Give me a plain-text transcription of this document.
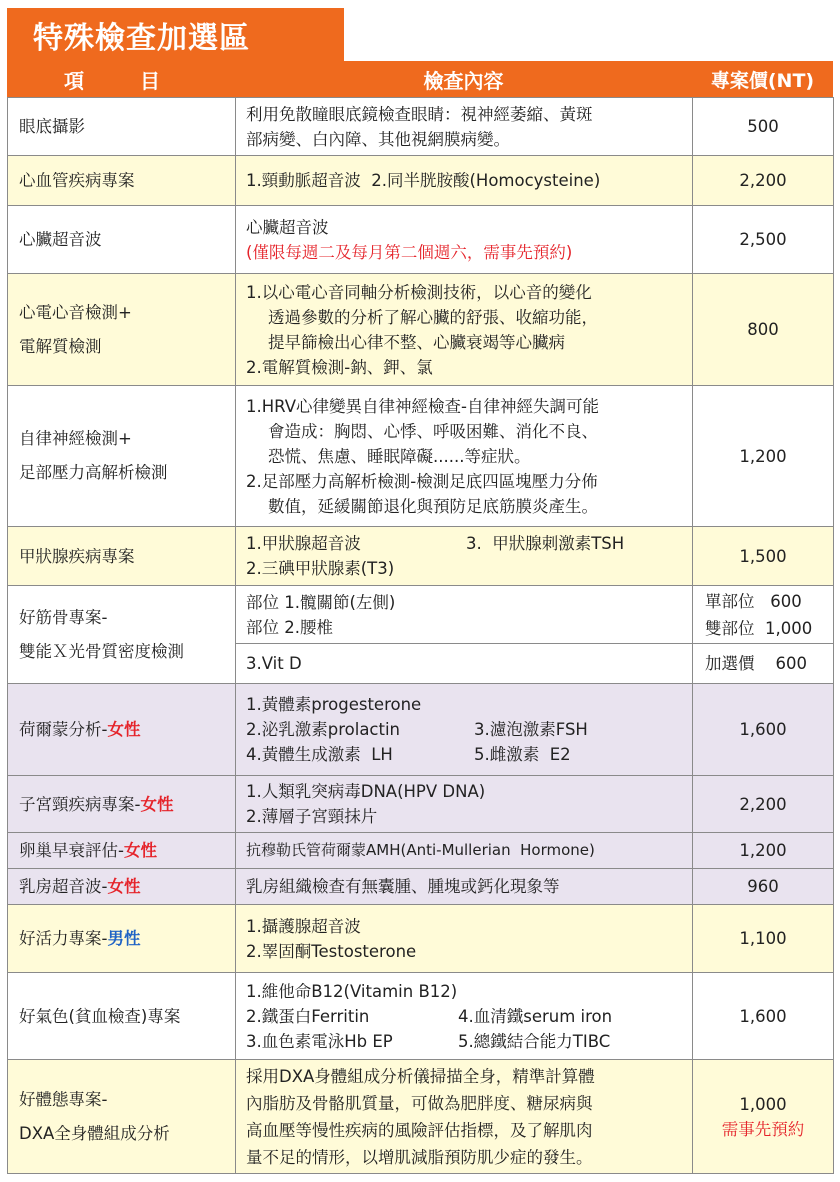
特殊檢查加選區
項　目	檢查內容	專案價(NT)
眼底攝影	利用免散瞳眼底鏡檢查眼睛：視神經萎縮、黃斑
部病變、白內障、其他視網膜病變。	500
心血管疾病專案	1.頸動脈超音波  2.同半胱胺酸(Homocysteine)	2,200
心臟超音波	心臟超音波
(僅限每週二及每月第二個週六，需事先預約)	2,500

心電心音檢測+
電解質檢測	1.以心電心音同軸分析檢測技術，以心音的變化
透過參數的分析了解心臟的舒張、收縮功能，
提早篩檢出心律不整、心臟衰竭等心臟病
2.電解質檢測-鈉、鉀、氯	800

自律神經檢測+
足部壓力高解析檢測	1.HRV心律變異自律神經檢查-自律神經失調可能
會造成：胸悶、心悸、呼吸困難、消化不良、
恐慌、焦慮、睡眠障礙......等症狀。
2.足部壓力高解析檢測-檢測足底四區塊壓力分佈
數值，延緩關節退化與預防足底筋膜炎產生。	1,200
甲狀腺疾病專案	1.甲狀腺超音波 3.  甲狀腺刺激素TSH
2.三碘甲狀腺素(T3)	1,500

好筋骨專案-
雙能Ｘ光骨質密度檢測	部位 1.髖關節(左側)
部位 2.腰椎	單部位   600
雙部位  1,000

	3.Vit D	加選價    600

荷爾蒙分析-女性	1.黃體素progesterone
2.泌乳激素prolactin 3.濾泡激素FSH
4.黃體生成激素  LH 5.雌激素  E2	1,600
子宮頸疾病專案-女性	1.人類乳突病毒DNA(HPV DNA)
2.薄層子宮頸抹片	2,200
卵巢早衰評估-女性	抗穆勒氏管荷爾蒙AMH(Anti-Mullerian  Hormone)	1,200
乳房超音波-女性	乳房組織檢查有無囊腫、腫塊或鈣化現象等	960
好活力專案-男性	1.攝護腺超音波
2.睪固酮Testosterone	1,100
好氣色(貧血檢查)專案	1.維他命B12(Vitamin B12)
2.鐵蛋白Ferritin 4.血清鐵serum iron
3.血色素電泳Hb EP 5.總鐵結合能力TIBC	1,600

好體態專案-
DXA全身體組成分析	採用DXA身體組成分析儀掃描全身，精準計算體
內脂肪及骨骼肌質量，可做為肥胖度、糖尿病與
高血壓等慢性疾病的風險評估指標，及了解肌肉
量不足的情形，以增肌減脂預防肌少症的發生。	1,000
需事先預約
